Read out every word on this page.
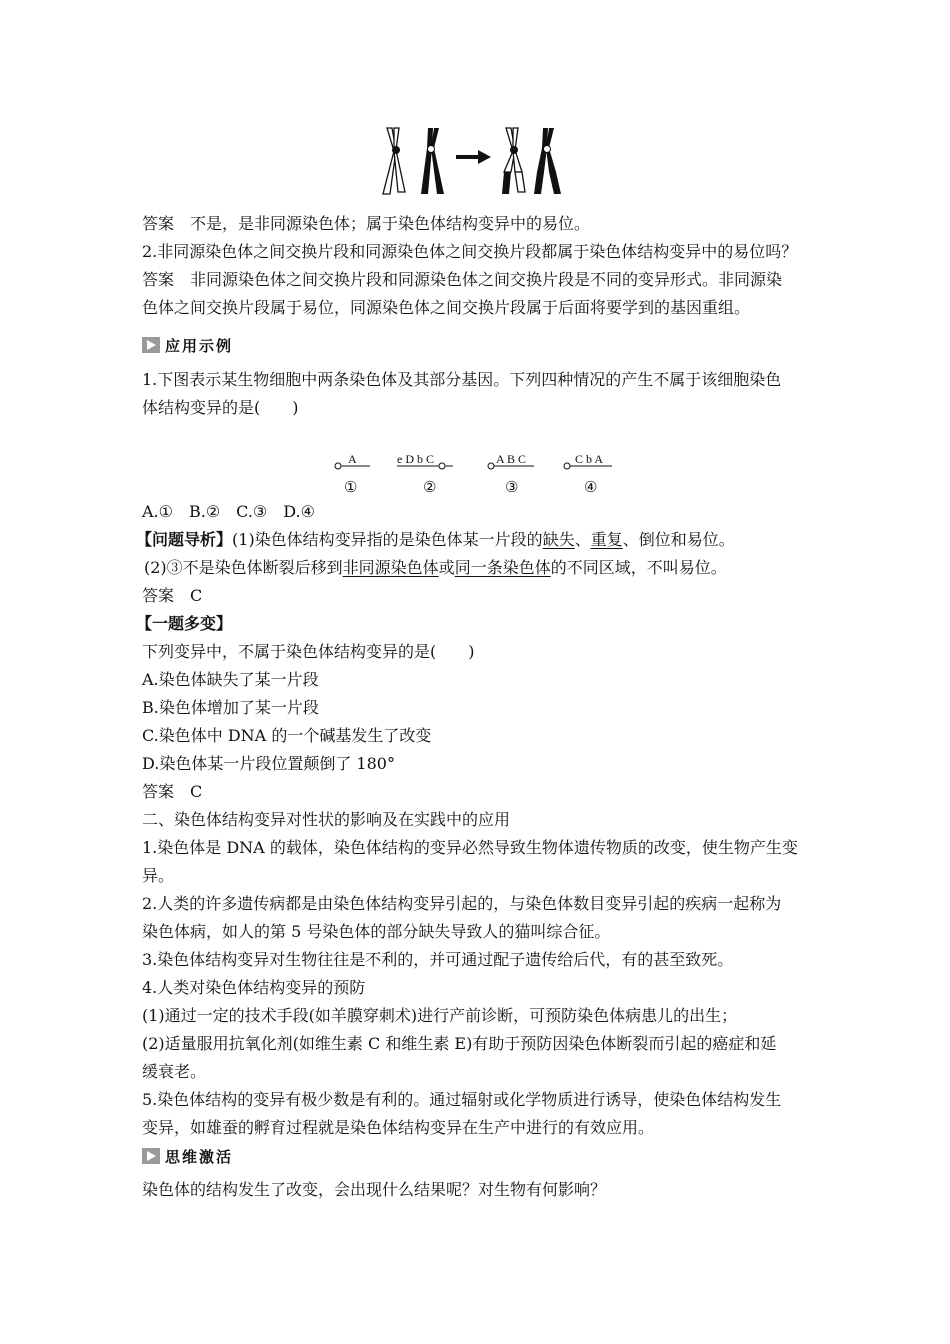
答案　 不是，是非同源染色体；属于染色体结构变异中的易位。
2.非同源染色体之间交换片段和同源染色体之间交换片段都属于染色体结构变异中的易位吗？
答案　 非同源染色体之间交换片段和同源染色体之间交换片段是不同的变异形式。非同源染
色体之间交换片段属于易位，同源染色体之间交换片段属于后面将要学到的基因重组。
应用示例
1.下图表示某生物细胞中两条染色体及其部分基因。下列四种情况的产生不属于该细胞染色
体结构变异的是(　　)
A
①
e D b C
②
A B C
③
C b A
④
A.①　B.②　C.③　D.④
【问题导析】(1)染色体结构变异指的是染色体某一片段的缺失、重复、倒位和易位。
(2)③不是染色体断裂后移到非同源染色体或同一条染色体的不同区域，不叫易位。
答案　 C
【一题多变】
下列变异中，不属于染色体结构变异的是(　　)
A.染色体缺失了某一片段
B.染色体增加了某一片段
C.染色体中 DNA 的一个碱基发生了改变
D.染色体某一片段位置颠倒了 180°
答案　 C
二、染色体结构变异对性状的影响及在实践中的应用
1.染色体是 DNA 的载体，染色体结构的变异必然导致生物体遗传物质的改变，使生物产生变
异。
2.人类的许多遗传病都是由染色体结构变异引起的，与染色体数目变异引起的疾病一起称为
染色体病，如人的第 5 号染色体的部分缺失导致人的猫叫综合征。
3.染色体结构变异对生物往往是不利的，并可通过配子遗传给后代，有的甚至致死。
4.人类对染色体结构变异的预防
(1)通过一定的技术手段(如羊膜穿刺术)进行产前诊断，可预防染色体病患儿的出生；
(2)适量服用抗氧化剂(如维生素 C 和维生素 E)有助于预防因染色体断裂而引起的癌症和延
缓衰老。
5.染色体结构的变异有极少数是有利的。通过辐射或化学物质进行诱导，使染色体结构发生
变异，如雄蚕的孵育过程就是染色体结构变异在生产中进行的有效应用。
思维激活
染色体的结构发生了改变，会出现什么结果呢？对生物有何影响？
